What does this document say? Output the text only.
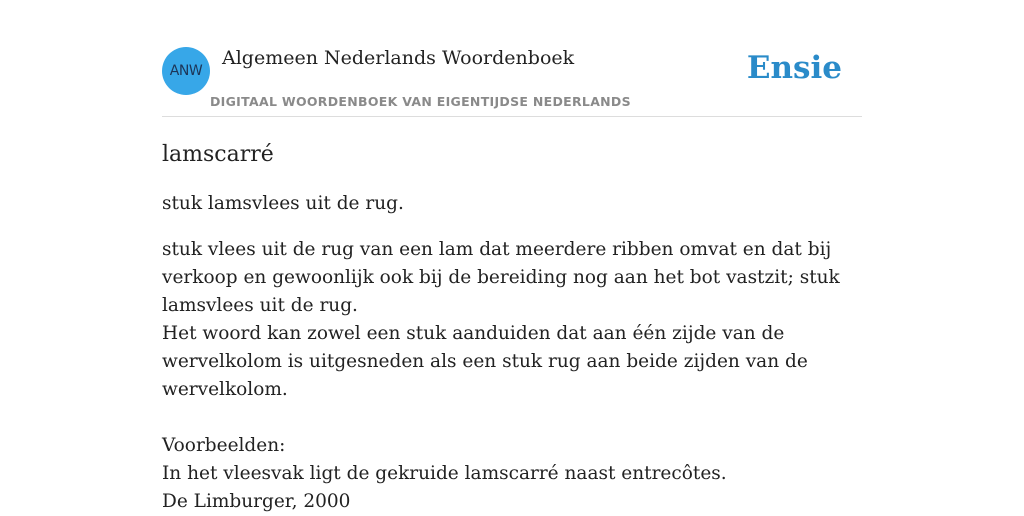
ANW
Algemeen Nederlands Woordenboek
DIGITAAL WOORDENBOEK VAN EIGENTIJDSE NEDERLANDS
Ensie
lamscarré
stuk lamsvlees uit de rug.

stuk vlees uit de rug van een lam dat meerdere ribben omvat en dat bij verkoop en gewoonlijk ook bij de bereiding nog aan het bot vastzit; stuk lamsvlees uit de rug.

Het woord kan zowel een stuk aanduiden dat aan één zijde van de wervelkolom is uitgesneden als een stuk rug aan beide zijden van de wervelkolom.

Voorbeelden:

In het vleesvak ligt de gekruide lamscarré naast entrecôtes.

De Limburger, 2000
